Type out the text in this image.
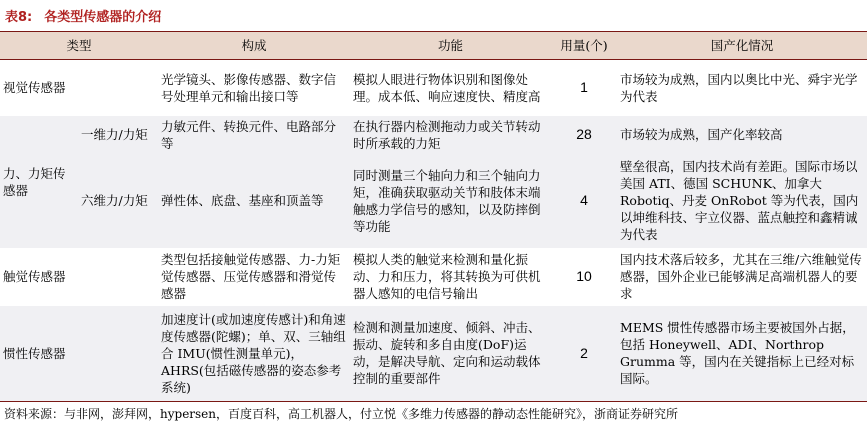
表8: 各类型传感器的介绍
类型		构成	功能	用量(个)	国产化情况
视觉传感器		光学镜头、影像传感器、数字信号处理单元和输出接口等	模拟人眼进行物体识别和图像处理。成本低、响应速度快、精度高	1	市场较为成熟，国内以奥比中光、舜宇光学为代表
力、力矩传感器	一维力/力矩	力敏元件、转换元件、电路部分等	在执行器内检测拖动力或关节转动时所承载的力矩	28	市场较为成熟，国产化率较高
	六维力/力矩	弹性体、底盘、基座和顶盖等	同时测量三个轴向力和三个轴向力矩，准确获取驱动关节和肢体末端触感力学信号的感知，以及防摔倒等功能	4	壁垒很高，国内技术尚有差距。国际市场以美国 ATI、德国 SCHUNK、加拿大 Robotiq、丹麦 OnRobot 等为代表，国内以坤维科技、宇立仪器、蓝点触控和鑫精诚为代表
触觉传感器		类型包括接触觉传感器、力-力矩觉传感器、压觉传感器和滑觉传感器	模拟人类的触觉来检测和量化振动、力和压力，将其转换为可供机器人感知的电信号输出	10	国内技术落后较多，尤其在三维/六维触觉传感器，国外企业已能够满足高端机器人的要求
惯性传感器		加速度计(或加速度传感计)和角速度传感器(陀螺)；单、双、三轴组合 IMU(惯性测量单元)，AHRS(包括磁传感器的姿态参考系统)	检测和测量加速度、倾斜、冲击、振动、旋转和多自由度(DoF)运动，是解决导航、定向和运动载体控制的重要部件	2	MEMS 惯性传感器市场主要被国外占据，包括 Honeywell、ADI、Northrop Grumma 等，国内在关键指标上已经对标国际。
资料来源：与非网，澎拜网，hypersen，百度百科，高工机器人，付立悦《多维力传感器的静动态性能研究》，浙商证券研究所
